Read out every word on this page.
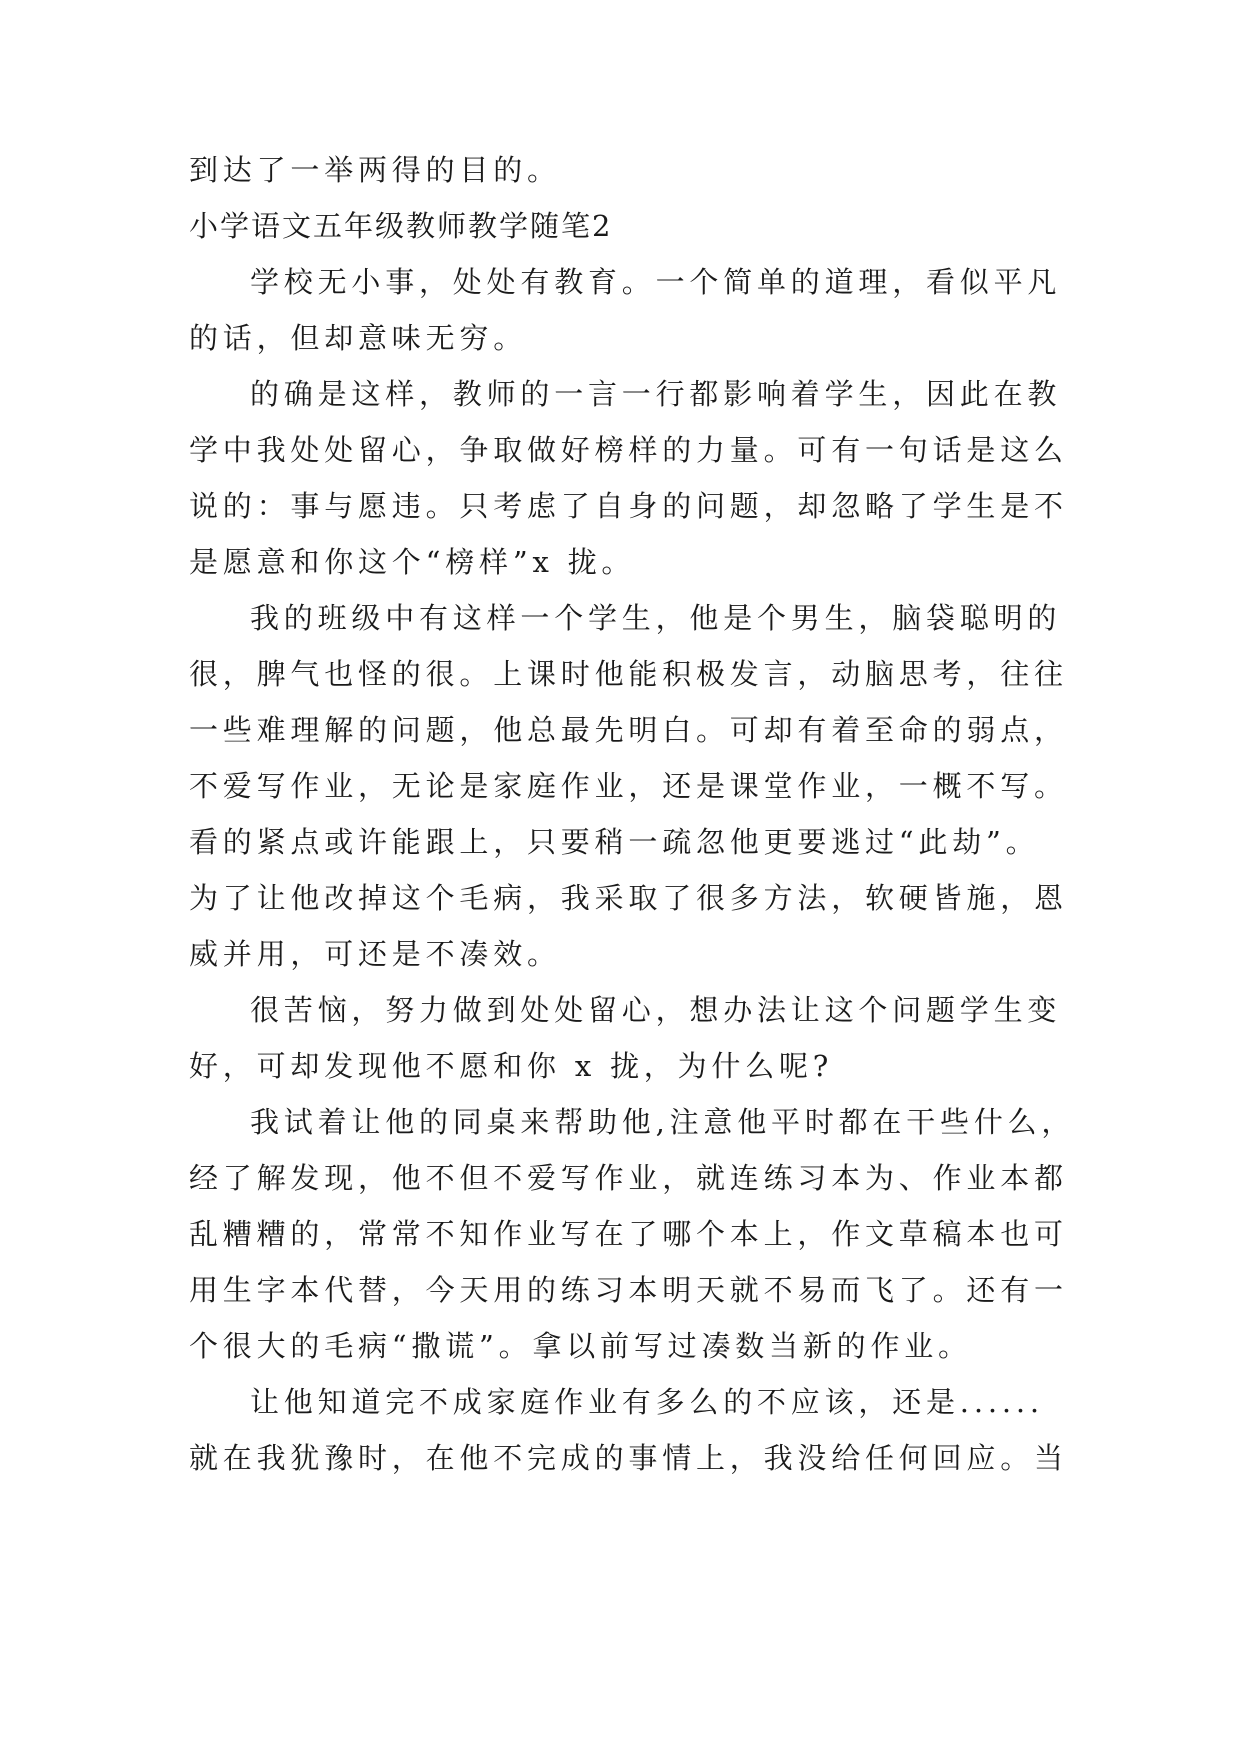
到达了一举两得的目的。
小学语文五年级教师教学随笔2
学校无小事，处处有教育。一个简单的道理，看似平凡
的话，但却意味无穷。
的确是这样，教师的一言一行都影响着学生，因此在教
学中我处处留心，争取做好榜样的力量。可有一句话是这么
说的：事与愿违。只考虑了自身的问题，却忽略了学生是不
是愿意和你这个“榜样”x 拢。
我的班级中有这样一个学生，他是个男生，脑袋聪明的
很，脾气也怪的很。上课时他能积极发言，动脑思考，往往
一些难理解的问题，他总最先明白。可却有着至命的弱点，
不爱写作业，无论是家庭作业，还是课堂作业，一概不写。
看的紧点或许能跟上，只要稍一疏忽他更要逃过“此劫”。
为了让他改掉这个毛病，我采取了很多方法，软硬皆施，恩
威并用，可还是不凑效。
很苦恼，努力做到处处留心，想办法让这个问题学生变
好，可却发现他不愿和你 x 拢，为什么呢?
我试着让他的同桌来帮助他,注意他平时都在干些什么，
经了解发现，他不但不爱写作业，就连练习本为、作业本都
乱糟糟的，常常不知作业写在了哪个本上，作文草稿本也可
用生字本代替，今天用的练习本明天就不易而飞了。还有一
个很大的毛病“撒谎”。拿以前写过凑数当新的作业。
让他知道完不成家庭作业有多么的不应该，还是......
就在我犹豫时，在他不完成的事情上，我没给任何回应。当
